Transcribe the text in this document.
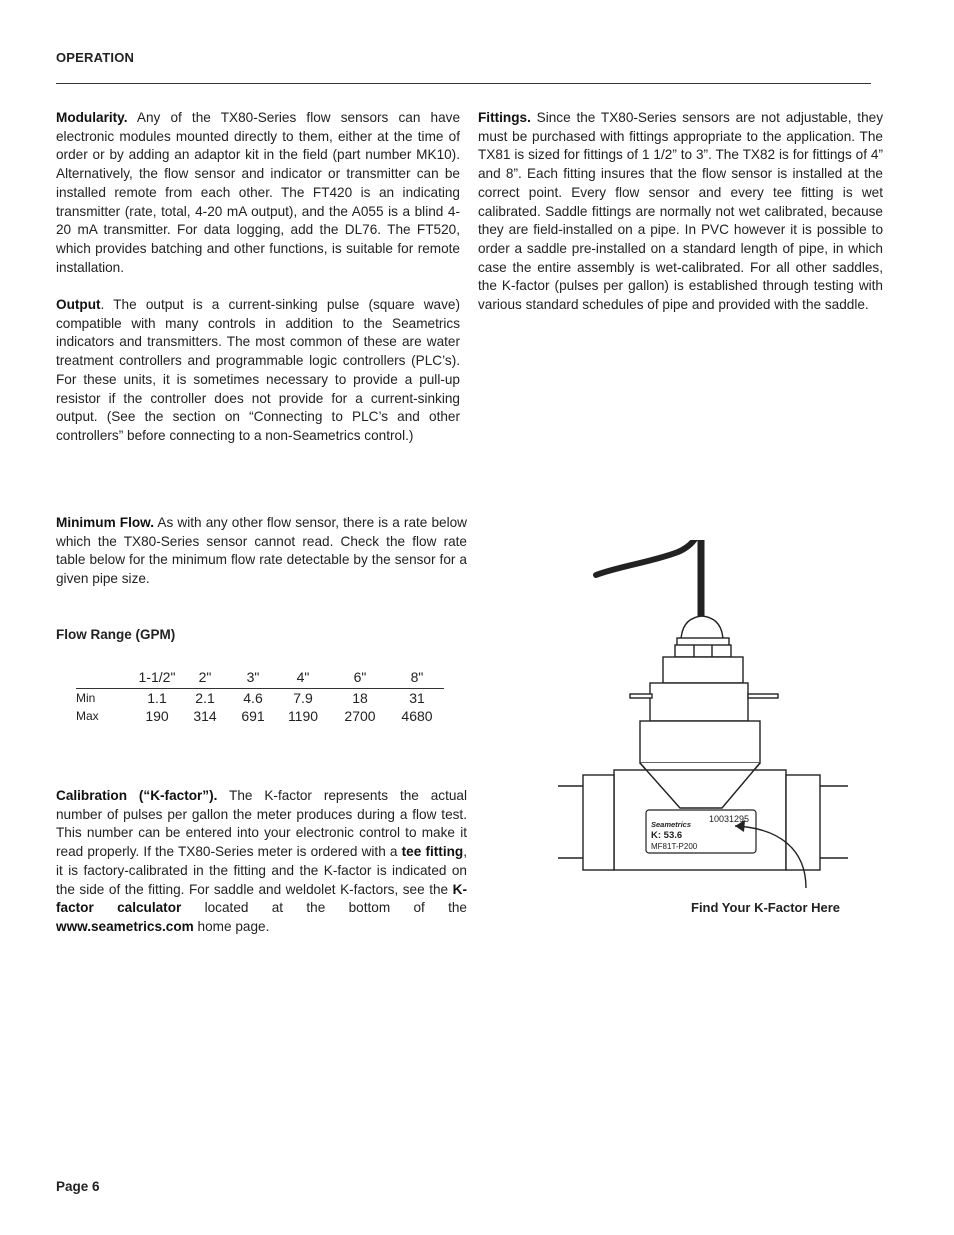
OPERATION

Modularity. Any of the TX80-Series flow sensors can have electronic modules mounted directly to them, either at the time of order or by adding an adaptor kit in the field (part number MK10). Alternatively, the flow sensor and indicator or transmitter can be installed remote from each other. The FT420 is an indicating transmitter (rate, total, 4-20 mA output), and the A055 is a blind 4-20 mA transmitter. For data logging, add the DL76. The FT520, which provides batching and other functions, is suitable for remote installation.

Output. The output is a current-sinking pulse (square wave) compatible with many controls in addition to the Seametrics indicators and transmitters. The most common of these are water treatment controllers and programmable logic controllers (PLC’s). For these units, it is sometimes necessary to provide a pull-up resistor if the controller does not provide for a current-sinking output. (See the section on “Connecting to PLC’s and other controllers” before connecting to a non-Seametrics control.)

Fittings. Since the TX80-Series sensors are not adjustable, they must be purchased with fittings appropriate to the application. The TX81 is sized for fittings of 1 1/2” to 3”. The TX82 is for fittings of 4” and 8”. Each fitting insures that the flow sensor is installed at the correct point. Every flow sensor and every tee fitting is wet calibrated. Saddle fittings are normally not wet calibrated, because they are field-installed on a pipe. In PVC however it is possible to order a saddle pre-installed on a standard length of pipe, in which case the entire assembly is wet-calibrated. For all other saddles, the K-factor (pulses per gallon) is established through testing with various standard schedules of pipe and provided with the saddle.

Minimum Flow. As with any other flow sensor, there is a rate below which the TX80-Series sensor cannot read. Check the flow rate table below for the minimum flow rate detectable by the sensor for a given pipe size.

Flow Range (GPM)
	1-1/2"	2"	3"	4"	6"	8"
Min	1.1	2.1	4.6	7.9	18	31
Max	190	314	691	1190	2700	4680

Calibration (“K-factor”). The K-factor represents the actual number of pulses per gallon the meter produces during a flow test. This number can be entered into your electronic control to make it read properly. If the TX80-Series meter is ordered with a tee fitting, it is factory-calibrated in the fitting and the K-factor is indicated on the side of the fitting. For saddle and weldolet K-factors, see the K-factor calculator located at the bottom of the www.seametrics.com home page.

10031295
Seametrics
K: 53.6
MF81T-P200
Find Your K-Factor Here
Page 6
